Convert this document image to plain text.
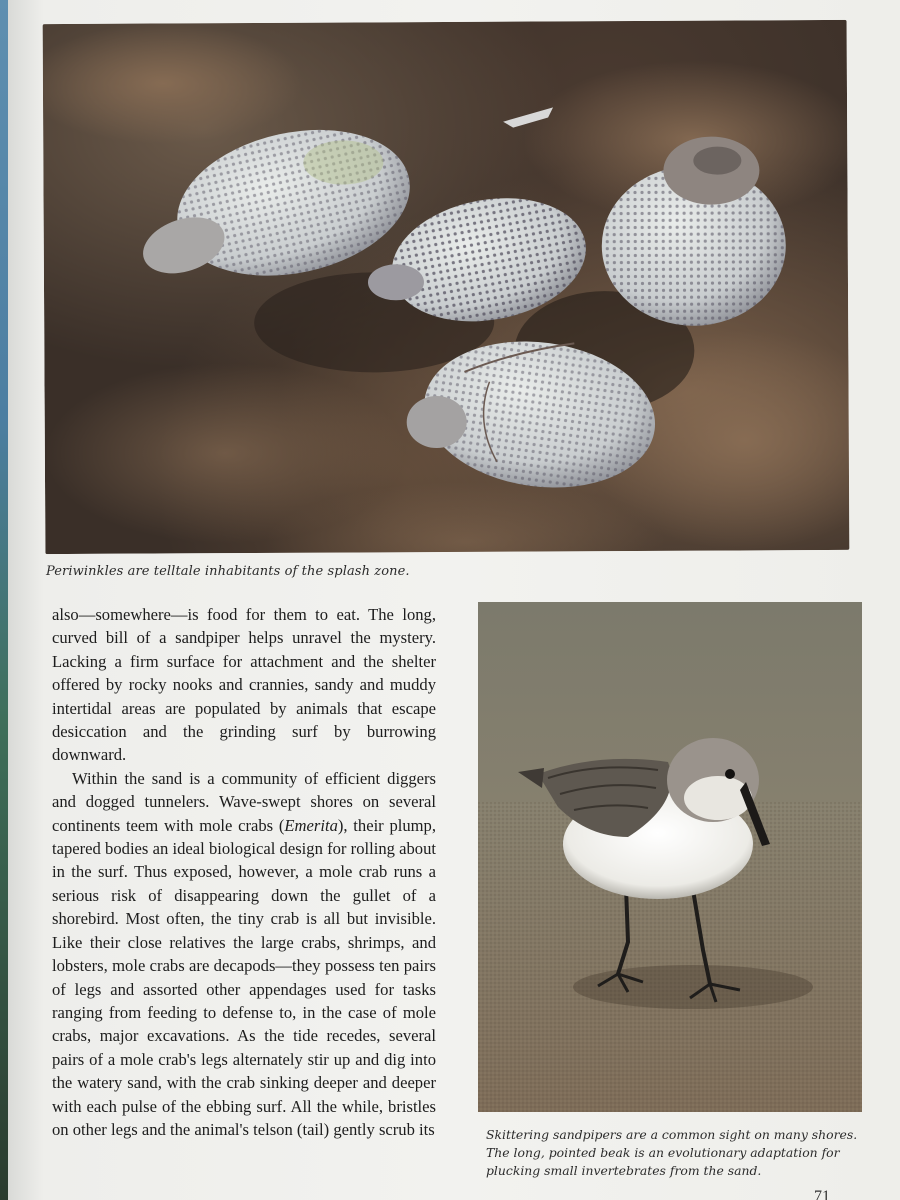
Periwinkles are telltale inhabitants of the splash zone.

also—somewhere—is food for them to eat. The long, curved bill of a sandpiper helps unravel the mystery. Lacking a firm surface for attachment and the shelter offered by rocky nooks and crannies, sandy and muddy intertidal areas are populated by animals that escape desiccation and the grinding surf by burrowing downward.

Within the sand is a community of efficient diggers and dogged tunnelers. Wave-swept shores on several continents teem with mole crabs (Emerita), their plump, tapered bodies an ideal biological design for rolling about in the surf. Thus exposed, however, a mole crab runs a serious risk of disappearing down the gullet of a shorebird. Most often, the tiny crab is all but invisible. Like their close relatives the large crabs, shrimps, and lobsters, mole crabs are decapods—they possess ten pairs of legs and assorted other appendages used for tasks ranging from feeding to defense to, in the case of mole crabs, major excavations. As the tide recedes, several pairs of a mole crab's legs alternately stir up and dig into the watery sand, with the crab sinking deeper and deeper with each pulse of the ebbing surf. All the while, bristles on other legs and the animal's telson (tail) gently scrub its	Skittering sandpipers are a common sight on many shores. The long, pointed beak is an evolutionary adaptation for plucking small invertebrates from the sand.
71
